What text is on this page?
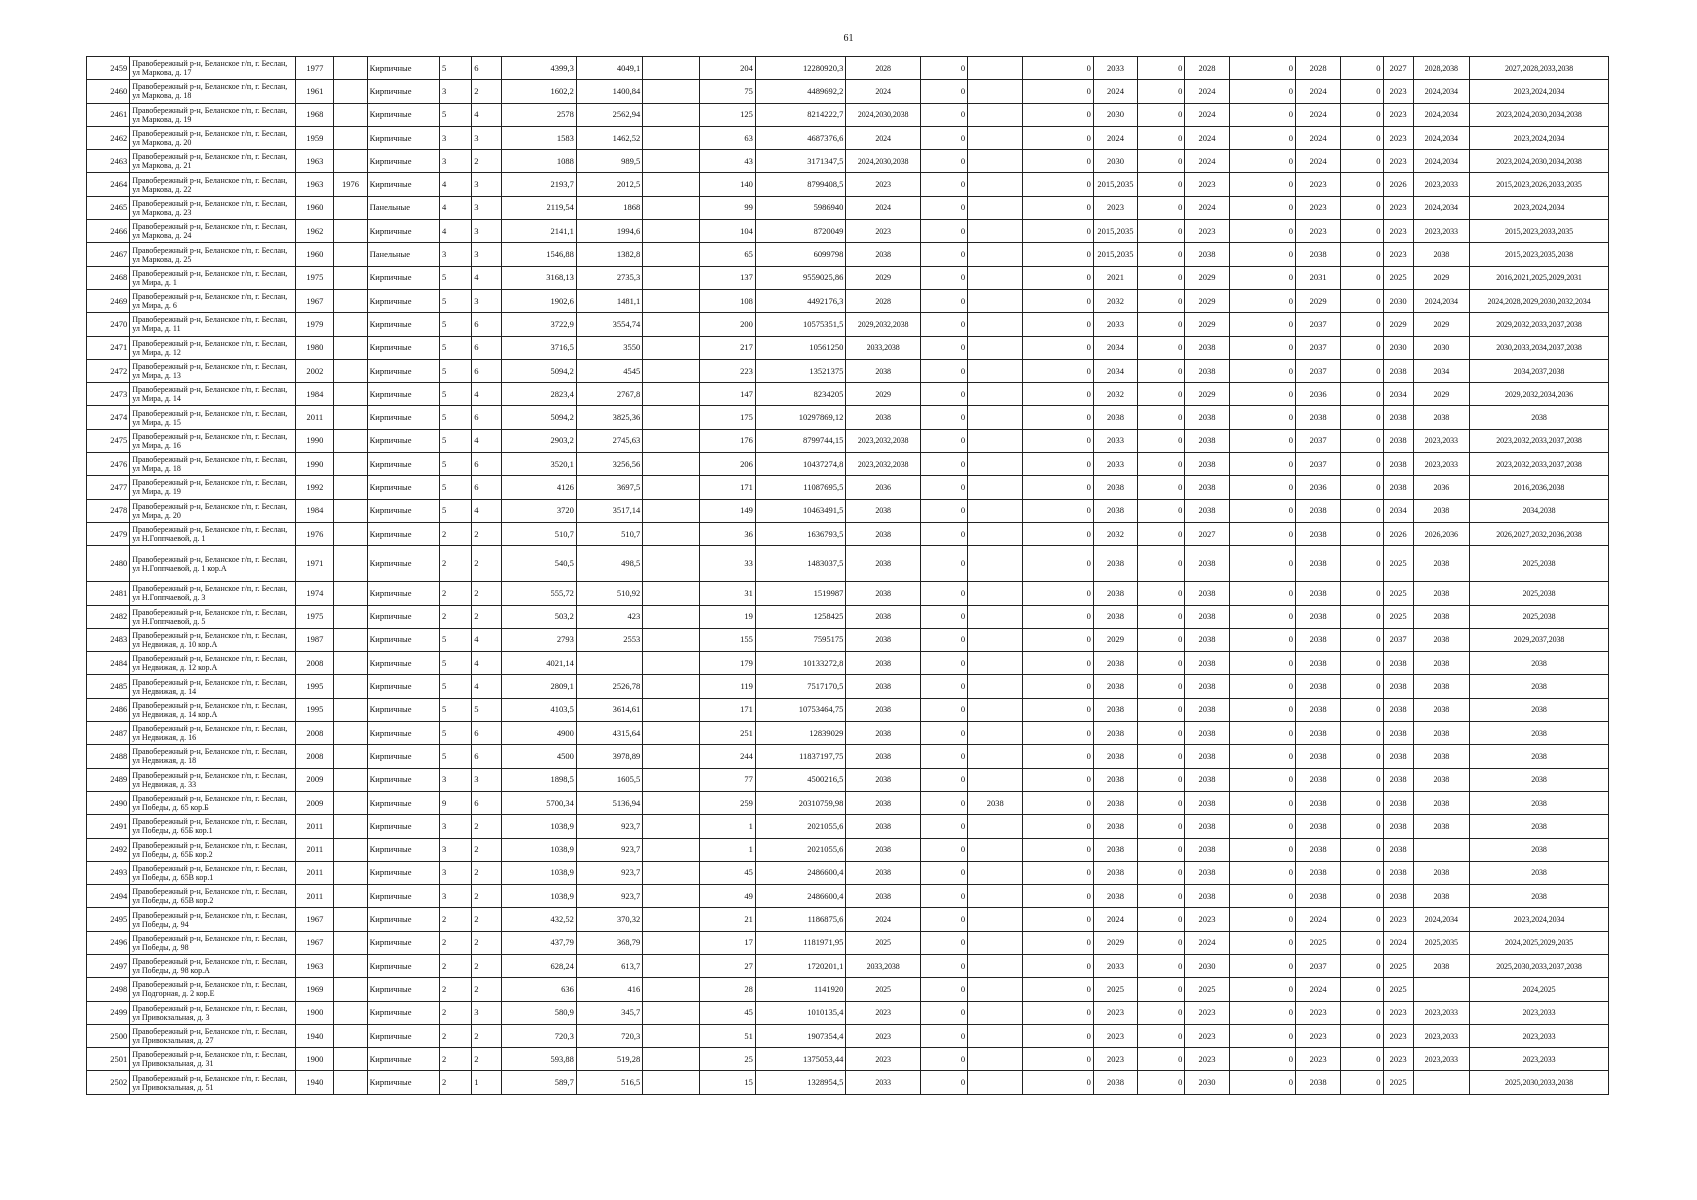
61
2459	Правобережный р-н, Беланское г/п, г. Беслан, ул Маркова, д. 17	1977		Кирпичные	5	6	4399,3	4049,1		204	12280920,3	2028	0		0	2033	0	2028	0	2028	0	2027	2028,2038	2027,2028,2033,2038
2460	Правобережный р-н, Беланское г/п, г. Беслан, ул Маркова, д. 18	1961		Кирпичные	3	2	1602,2	1400,84		75	4489692,2	2024	0		0	2024	0	2024	0	2024	0	2023	2024,2034	2023,2024,2034
2461	Правобережный р-н, Беланское г/п, г. Беслан, ул Маркова, д. 19	1968		Кирпичные	5	4	2578	2562,94		125	8214222,7	2024,2030,2038	0		0	2030	0	2024	0	2024	0	2023	2024,2034	2023,2024,2030,2034,2038
2462	Правобережный р-н, Беланское г/п, г. Беслан, ул Маркова, д. 20	1959		Кирпичные	3	3	1583	1462,52		63	4687376,6	2024	0		0	2024	0	2024	0	2024	0	2023	2024,2034	2023,2024,2034
2463	Правобережный р-н, Беланское г/п, г. Беслан, ул Маркова, д. 21	1963		Кирпичные	3	2	1088	989,5		43	3171347,5	2024,2030,2038	0		0	2030	0	2024	0	2024	0	2023	2024,2034	2023,2024,2030,2034,2038
2464	Правобережный р-н, Беланское г/п, г. Беслан, ул Маркова, д. 22	1963	1976	Кирпичные	4	3	2193,7	2012,5		140	8799408,5	2023	0		0	2015,2035	0	2023	0	2023	0	2026	2023,2033	2015,2023,2026,2033,2035
2465	Правобережный р-н, Беланское г/п, г. Беслан, ул Маркова, д. 23	1960		Панельные	4	3	2119,54	1868		99	5986940	2024	0		0	2023	0	2024	0	2023	0	2023	2024,2034	2023,2024,2034
2466	Правобережный р-н, Беланское г/п, г. Беслан, ул Маркова, д. 24	1962		Кирпичные	4	3	2141,1	1994,6		104	8720049	2023	0		0	2015,2035	0	2023	0	2023	0	2023	2023,2033	2015,2023,2033,2035
2467	Правобережный р-н, Беланское г/п, г. Беслан, ул Маркова, д. 25	1960		Панельные	3	3	1546,88	1382,8		65	6099798	2038	0		0	2015,2035	0	2038	0	2038	0	2023	2038	2015,2023,2035,2038
2468	Правобережный р-н, Беланское г/п, г. Беслан, ул Мира, д. 1	1975		Кирпичные	5	4	3168,13	2735,3		137	9559025,86	2029	0		0	2021	0	2029	0	2031	0	2025	2029	2016,2021,2025,2029,2031
2469	Правобережный р-н, Беланское г/п, г. Беслан, ул Мира, д. 6	1967		Кирпичные	5	3	1902,6	1481,1		108	4492176,3	2028	0		0	2032	0	2029	0	2029	0	2030	2024,2034	2024,2028,2029,2030,2032,2034
2470	Правобережный р-н, Беланское г/п, г. Беслан, ул Мира, д. 11	1979		Кирпичные	5	6	3722,9	3554,74		200	10575351,5	2029,2032,2038	0		0	2033	0	2029	0	2037	0	2029	2029	2029,2032,2033,2037,2038
2471	Правобережный р-н, Беланское г/п, г. Беслан, ул Мира, д. 12	1980		Кирпичные	5	6	3716,5	3550		217	10561250	2033,2038	0		0	2034	0	2038	0	2037	0	2030	2030	2030,2033,2034,2037,2038
2472	Правобережный р-н, Беланское г/п, г. Беслан, ул Мира, д. 13	2002		Кирпичные	5	6	5094,2	4545		223	13521375	2038	0		0	2034	0	2038	0	2037	0	2038	2034	2034,2037,2038
2473	Правобережный р-н, Беланское г/п, г. Беслан, ул Мира, д. 14	1984		Кирпичные	5	4	2823,4	2767,8		147	8234205	2029	0		0	2032	0	2029	0	2036	0	2034	2029	2029,2032,2034,2036
2474	Правобережный р-н, Беланское г/п, г. Беслан, ул Мира, д. 15	2011		Кирпичные	5	6	5094,2	3825,36		175	10297869,12	2038	0		0	2038	0	2038	0	2038	0	2038	2038	2038
2475	Правобережный р-н, Беланское г/п, г. Беслан, ул Мира, д. 16	1990		Кирпичные	5	4	2903,2	2745,63		176	8799744,15	2023,2032,2038	0		0	2033	0	2038	0	2037	0	2038	2023,2033	2023,2032,2033,2037,2038
2476	Правобережный р-н, Беланское г/п, г. Беслан, ул Мира, д. 18	1990		Кирпичные	5	6	3520,1	3256,56		206	10437274,8	2023,2032,2038	0		0	2033	0	2038	0	2037	0	2038	2023,2033	2023,2032,2033,2037,2038
2477	Правобережный р-н, Беланское г/п, г. Беслан, ул Мира, д. 19	1992		Кирпичные	5	6	4126	3697,5		171	11087695,5	2036	0		0	2038	0	2038	0	2036	0	2038	2036	2016,2036,2038
2478	Правобережный р-н, Беланское г/п, г. Беслан, ул Мира, д. 20	1984		Кирпичные	5	4	3720	3517,14		149	10463491,5	2038	0		0	2038	0	2038	0	2038	0	2034	2038	2034,2038
2479	Правобережный р-н, Беланское г/п, г. Беслан, ул Н.Гоппчаевой, д. 1	1976		Кирпичные	2	2	510,7	510,7		36	1636793,5	2038	0		0	2032	0	2027	0	2038	0	2026	2026,2036	2026,2027,2032,2036,2038
2480	Правобережный р-н, Беланское г/п, г. Беслан, ул Н.Гоппчаевой, д. 1 кор.А	1971		Кирпичные	2	2	540,5	498,5		33	1483037,5	2038	0		0	2038	0	2038	0	2038	0	2025	2038	2025,2038
2481	Правобережный р-н, Беланское г/п, г. Беслан, ул Н.Гоппчаевой, д. 3	1974		Кирпичные	2	2	555,72	510,92		31	1519987	2038	0		0	2038	0	2038	0	2038	0	2025	2038	2025,2038
2482	Правобережный р-н, Беланское г/п, г. Беслан, ул Н.Гоппчаевой, д. 5	1975		Кирпичные	2	2	503,2	423		19	1258425	2038	0		0	2038	0	2038	0	2038	0	2025	2038	2025,2038
2483	Правобережный р-н, Беланское г/п, г. Беслан, ул Недвижая, д. 10 кор.А	1987		Кирпичные	5	4	2793	2553		155	7595175	2038	0		0	2029	0	2038	0	2038	0	2037	2038	2029,2037,2038
2484	Правобережный р-н, Беланское г/п, г. Беслан, ул Недвижая, д. 12 кор.А	2008		Кирпичные	5	4	4021,14			179	10133272,8	2038	0		0	2038	0	2038	0	2038	0	2038	2038	2038
2485	Правобережный р-н, Беланское г/п, г. Беслан, ул Недвижая, д. 14	1995		Кирпичные	5	4	2809,1	2526,78		119	7517170,5	2038	0		0	2038	0	2038	0	2038	0	2038	2038	2038
2486	Правобережный р-н, Беланское г/п, г. Беслан, ул Недвижая, д. 14 кор.А	1995		Кирпичные	5	5	4103,5	3614,61		171	10753464,75	2038	0		0	2038	0	2038	0	2038	0	2038	2038	2038
2487	Правобережный р-н, Беланское г/п, г. Беслан, ул Недвижая, д. 16	2008		Кирпичные	5	6	4900	4315,64		251	12839029	2038	0		0	2038	0	2038	0	2038	0	2038	2038	2038
2488	Правобережный р-н, Беланское г/п, г. Беслан, ул Недвижая, д. 18	2008		Кирпичные	5	6	4500	3978,89		244	11837197,75	2038	0		0	2038	0	2038	0	2038	0	2038	2038	2038
2489	Правобережный р-н, Беланское г/п, г. Беслан, ул Недвижая, д. 33	2009		Кирпичные	3	3	1898,5	1605,5		77	4500216,5	2038	0		0	2038	0	2038	0	2038	0	2038	2038	2038
2490	Правобережный р-н, Беланское г/п, г. Беслан, ул Победы, д. 65 кор.Б	2009		Кирпичные	9	6	5700,34	5136,94		259	20310759,98	2038	0	2038	0	2038	0	2038	0	2038	0	2038	2038	2038
2491	Правобережный р-н, Беланское г/п, г. Беслан, ул Победы, д. 65Б кор.1	2011		Кирпичные	3	2	1038,9	923,7		1	2021055,6	2038	0		0	2038	0	2038	0	2038	0	2038	2038	2038
2492	Правобережный р-н, Беланское г/п, г. Беслан, ул Победы, д. 65Б кор.2	2011		Кирпичные	3	2	1038,9	923,7		1	2021055,6	2038	0		0	2038	0	2038	0	2038	0	2038		2038
2493	Правобережный р-н, Беланское г/п, г. Беслан, ул Победы, д. 65В кор.1	2011		Кирпичные	3	2	1038,9	923,7		45	2486600,4	2038	0		0	2038	0	2038	0	2038	0	2038	2038	2038
2494	Правобережный р-н, Беланское г/п, г. Беслан, ул Победы, д. 65В кор.2	2011		Кирпичные	3	2	1038,9	923,7		49	2486600,4	2038	0		0	2038	0	2038	0	2038	0	2038	2038	2038
2495	Правобережный р-н, Беланское г/п, г. Беслан, ул Победы, д. 94	1967		Кирпичные	2	2	432,52	370,32		21	1186875,6	2024	0		0	2024	0	2023	0	2024	0	2023	2024,2034	2023,2024,2034
2496	Правобережный р-н, Беланское г/п, г. Беслан, ул Победы, д. 98	1967		Кирпичные	2	2	437,79	368,79		17	1181971,95	2025	0		0	2029	0	2024	0	2025	0	2024	2025,2035	2024,2025,2029,2035
2497	Правобережный р-н, Беланское г/п, г. Беслан, ул Победы, д. 98 кор.А	1963		Кирпичные	2	2	628,24	613,7		27	1720201,1	2033,2038	0		0	2033	0	2030	0	2037	0	2025	2038	2025,2030,2033,2037,2038
2498	Правобережный р-н, Беланское г/п, г. Беслан, ул Подгорная, д. 2 кор.Е	1969		Кирпичные	2	2	636	416		28	1141920	2025	0		0	2025	0	2025	0	2024	0	2025		2024,2025
2499	Правобережный р-н, Беланское г/п, г. Беслан, ул Привокзальная, д. 3	1900		Кирпичные	2	3	580,9	345,7		45	1010135,4	2023	0		0	2023	0	2023	0	2023	0	2023	2023,2033	2023,2033
2500	Правобережный р-н, Беланское г/п, г. Беслан, ул Привокзальная, д. 27	1940		Кирпичные	2	2	720,3	720,3		51	1907354,4	2023	0		0	2023	0	2023	0	2023	0	2023	2023,2033	2023,2033
2501	Правобережный р-н, Беланское г/п, г. Беслан, ул Привокзальная, д. 31	1900		Кирпичные	2	2	593,88	519,28		25	1375053,44	2023	0		0	2023	0	2023	0	2023	0	2023	2023,2033	2023,2033
2502	Правобережный р-н, Беланское г/п, г. Беслан, ул Привокзальная, д. 51	1940		Кирпичные	2	1	589,7	516,5		15	1328954,5	2033	0		0	2038	0	2030	0	2038	0	2025		2025,2030,2033,2038
